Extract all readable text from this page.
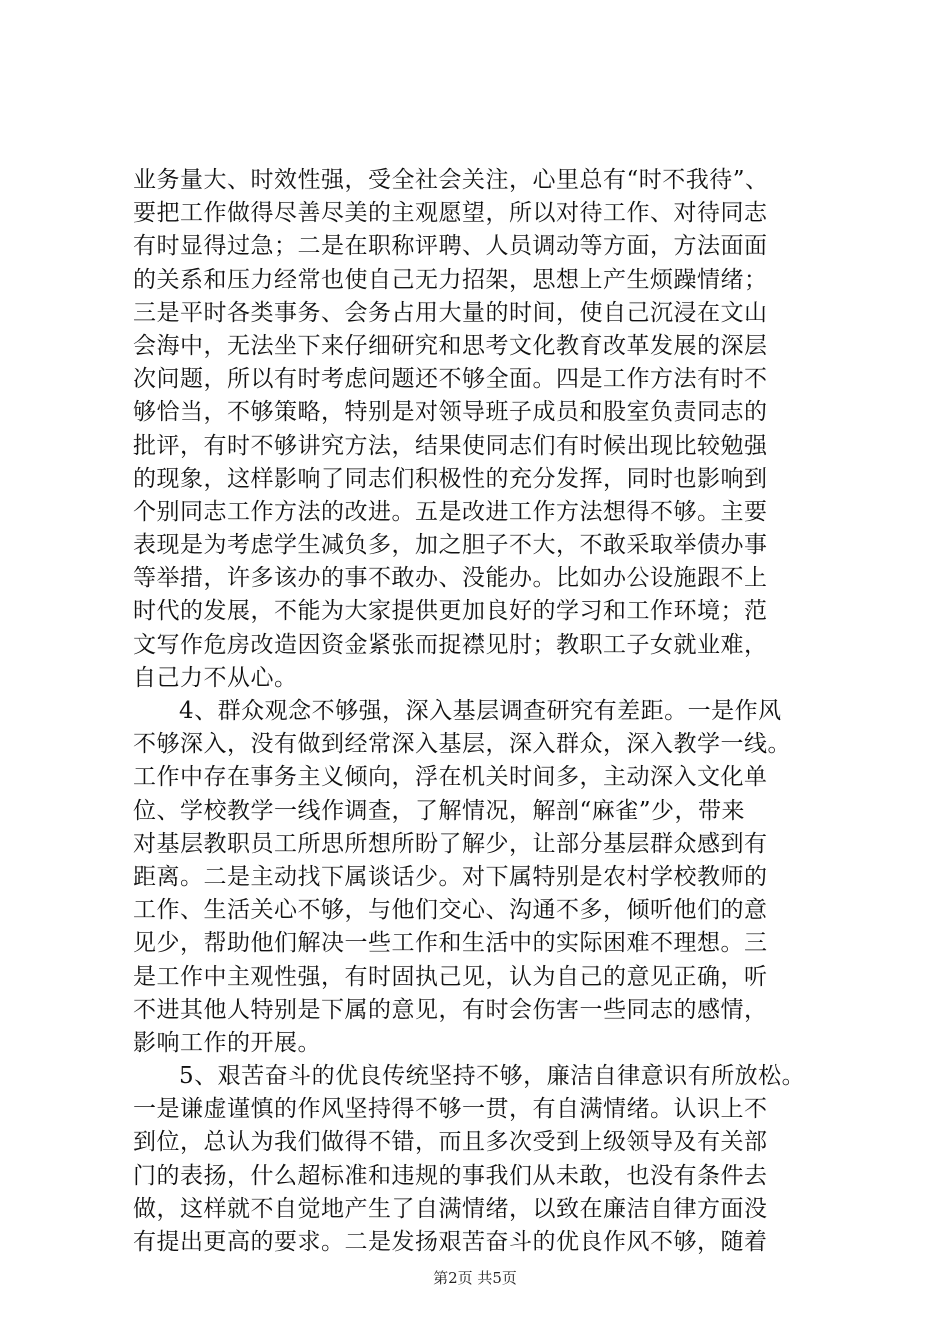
业务量大、时效性强，受全社会关注，心里总有“时不我待”、
要把工作做得尽善尽美的主观愿望，所以对待工作、对待同志
有时显得过急；二是在职称评聘、人员调动等方面，方法面面
的关系和压力经常也使自己无力招架，思想上产生烦躁情绪；
三是平时各类事务、会务占用大量的时间，使自己沉浸在文山
会海中，无法坐下来仔细研究和思考文化教育改革发展的深层
次问题，所以有时考虑问题还不够全面。四是工作方法有时不
够恰当，不够策略，特别是对领导班子成员和股室负责同志的
批评，有时不够讲究方法，结果使同志们有时候出现比较勉强
的现象，这样影响了同志们积极性的充分发挥，同时也影响到
个别同志工作方法的改进。五是改进工作方法想得不够。主要
表现是为考虑学生减负多，加之胆子不大，不敢采取举债办事
等举措，许多该办的事不敢办、没能办。比如办公设施跟不上
时代的发展，不能为大家提供更加良好的学习和工作环境；范
文写作危房改造因资金紧张而捉襟见肘；教职工子女就业难，
自己力不从心。
4、群众观念不够强，深入基层调查研究有差距。一是作风
不够深入，没有做到经常深入基层，深入群众，深入教学一线。
工作中存在事务主义倾向，浮在机关时间多，主动深入文化单
位、学校教学一线作调查，了解情况，解剖“麻雀”少，带来
对基层教职员工所思所想所盼了解少，让部分基层群众感到有
距离。二是主动找下属谈话少。对下属特别是农村学校教师的
工作、生活关心不够，与他们交心、沟通不多，倾听他们的意
见少，帮助他们解决一些工作和生活中的实际困难不理想。三
是工作中主观性强，有时固执己见，认为自己的意见正确，听
不进其他人特别是下属的意见，有时会伤害一些同志的感情，
影响工作的开展。
5、艰苦奋斗的优良传统坚持不够，廉洁自律意识有所放松。
一是谦虚谨慎的作风坚持得不够一贯，有自满情绪。认识上不
到位，总认为我们做得不错，而且多次受到上级领导及有关部
门的表扬，什么超标准和违规的事我们从未敢，也没有条件去
做，这样就不自觉地产生了自满情绪，以致在廉洁自律方面没
有提出更高的要求。二是发扬艰苦奋斗的优良作风不够，随着
第2页 共5页
